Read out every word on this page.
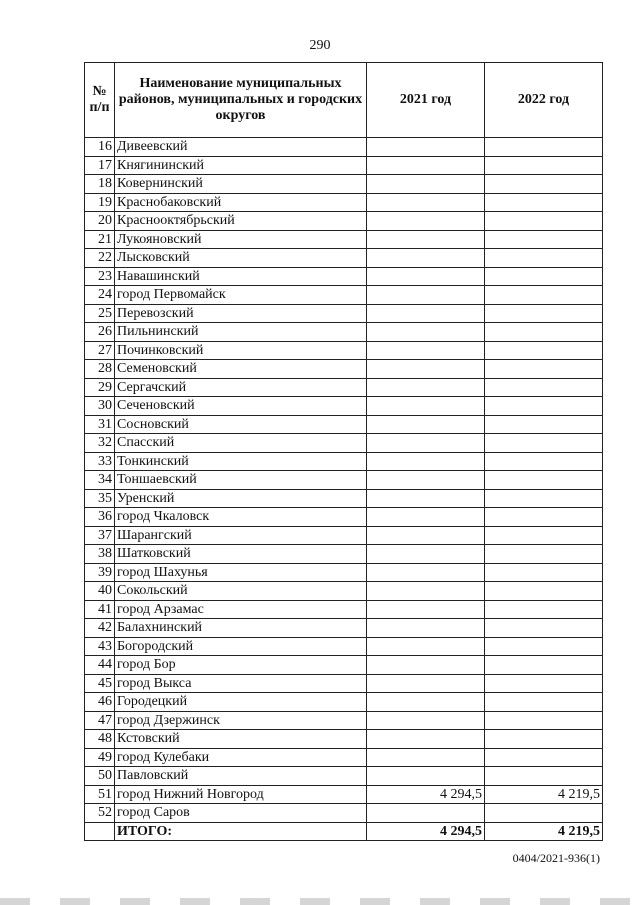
290
№ п/п	Наименование муниципальных районов, муниципальных и городских округов	2021 год	2022 год
16	Дивеевский		
17	Княгининский		
18	Ковернинский		
19	Краснобаковский		
20	Краснооктябрьский		
21	Лукояновский		
22	Лысковский		
23	Навашинский		
24	город Первомайск		
25	Перевозский		
26	Пильнинский		
27	Починковский		
28	Семеновский		
29	Сергачский		
30	Сеченовский		
31	Сосновский		
32	Спасский		
33	Тонкинский		
34	Тоншаевский		
35	Уренский		
36	город Чкаловск		
37	Шарангский		
38	Шатковский		
39	город Шахунья		
40	Сокольский		
41	город Арзамас		
42	Балахнинский		
43	Богородский		
44	город Бор		
45	город Выкса		
46	Городецкий		
47	город Дзержинск		
48	Кстовский		
49	город Кулебаки		
50	Павловский		
51	город Нижний Новгород	4 294,5	4 219,5
52	город Саров		
	ИТОГО:	4 294,5	4 219,5
0404/2021-936(1)
